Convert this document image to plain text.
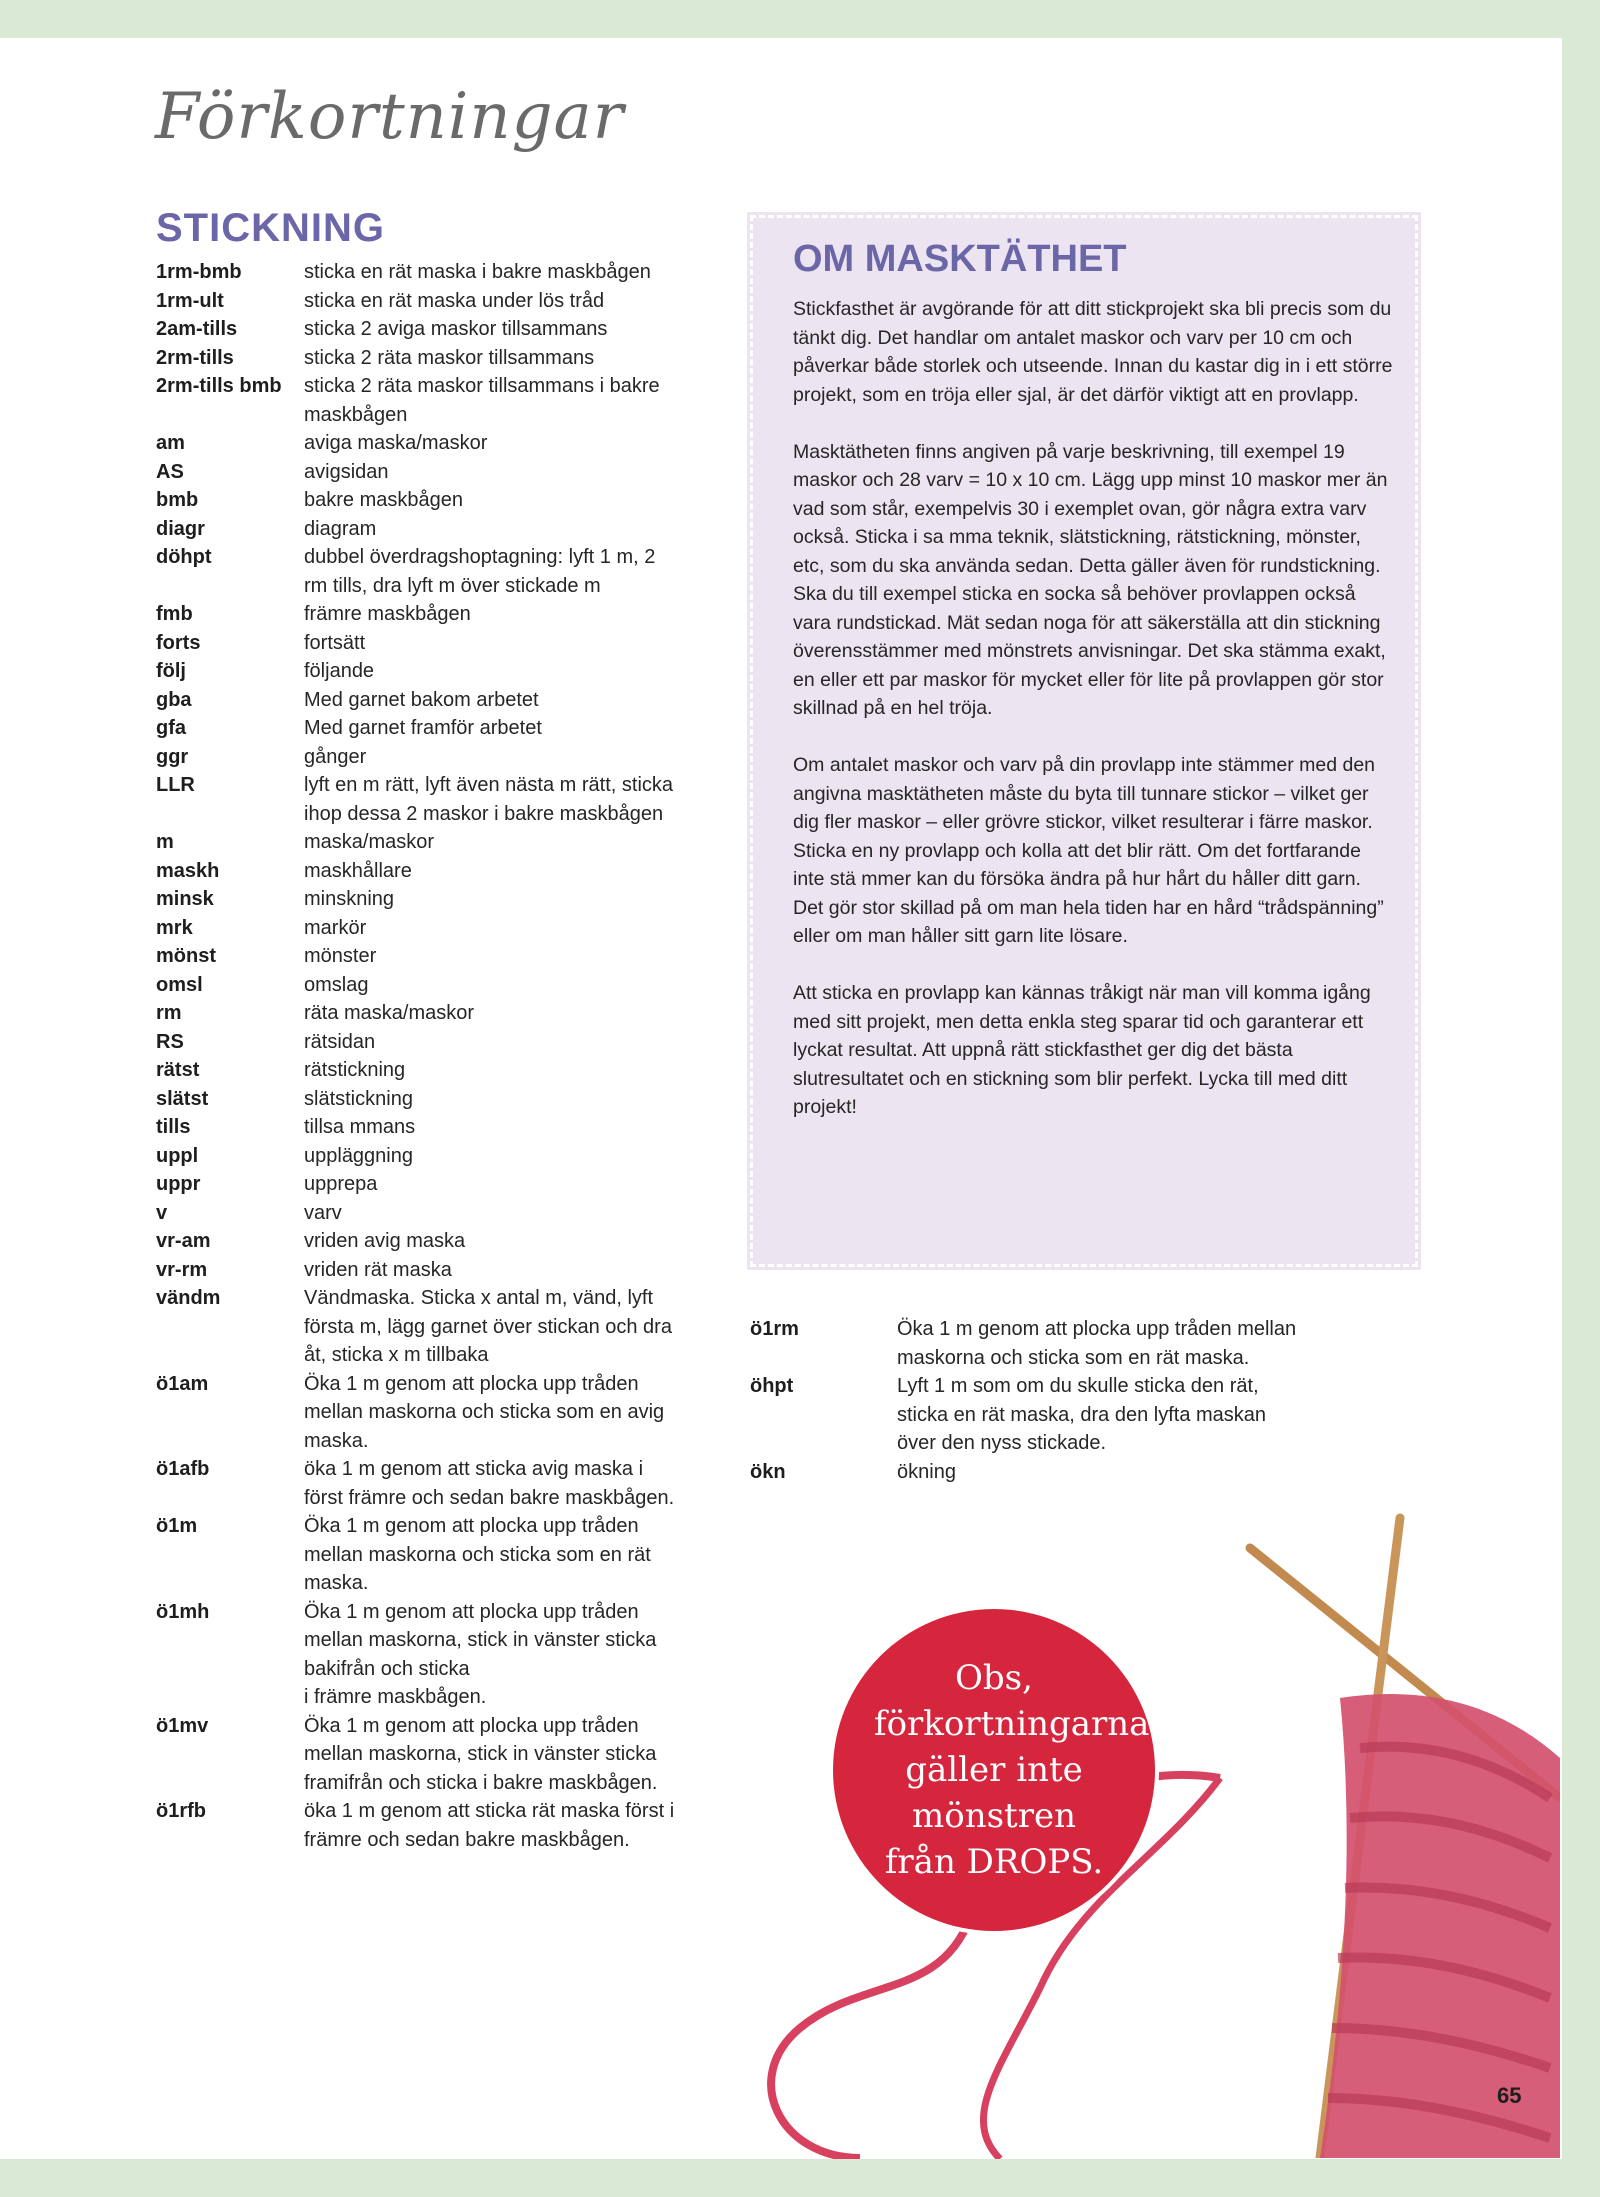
Förkortningar
STICKNING
1rm-bmb	sticka en rät maska i bakre maskbågen
1rm-ult	sticka en rät maska under lös tråd
2am-tills	sticka 2 aviga maskor tillsammans
2rm-tills	sticka 2 räta maskor tillsammans
2rm-tills bmb	sticka 2 räta maskor tillsammans i bakre maskbågen
am	aviga maska/maskor
AS	avigsidan
bmb	bakre maskbågen
diagr	diagram
döhpt	dubbel överdragshoptagning: lyft 1 m, 2 rm tills, dra lyft m över stickade m
fmb	främre maskbågen
forts	fortsätt
följ	följande
gba	Med garnet bakom arbetet
gfa	Med garnet framför arbetet
ggr	gånger
LLR	lyft en m rätt, lyft även nästa m rätt, sticka ihop dessa 2 maskor i bakre maskbågen
m	maska/maskor
maskh	maskhållare
minsk	minskning
mrk	markör
mönst	mönster
omsl	omslag
rm	räta maska/maskor
RS	rätsidan
rätst	rätstickning
slätst	slätstickning
tills	tillsa mmans
uppl	uppläggning
uppr	upprepa
v	varv
vr-am	vriden avig maska
vr-rm	vriden rät maska
vändm	Vändmaska. Sticka x antal m, vänd, lyft första m, lägg garnet över stickan och dra åt, sticka x m tillbaka
ö1am	Öka 1 m genom att plocka upp tråden mellan maskorna och sticka som en avig maska.
ö1afb	öka 1 m genom att sticka avig maska i först främre och sedan bakre maskbågen.
ö1m	Öka 1 m genom att plocka upp tråden mellan maskorna och sticka som en rät maska.
ö1mh	Öka 1 m genom att plocka upp tråden mellan maskorna, stick in vänster sticka bakifrån och sticka
i främre maskbågen.
ö1mv	Öka 1 m genom att plocka upp tråden mellan maskorna, stick in vänster sticka framifrån och sticka i bakre maskbågen.
ö1rfb	öka 1 m genom att sticka rät maska först i främre och sedan bakre maskbågen.
OM MASKTÄTHET

Stickfasthet är avgörande för att ditt stickprojekt ska bli precis som du tänkt dig. Det handlar om antalet maskor och varv per 10 cm och påverkar både storlek och utseende. Innan du kastar dig in i ett större projekt, som en tröja eller sjal, är det därför viktigt att en provlapp.

Masktätheten finns angiven på varje beskrivning, till exempel 19 maskor och 28 varv = 10 x 10 cm. Lägg upp minst 10 maskor mer än vad som står, exempelvis 30 i exemplet ovan, gör några extra varv också. Sticka i sa mma teknik, slätstickning, rätstickning, mönster, etc, som du ska använda sedan. Detta gäller även för rundstickning. Ska du till exempel sticka en socka så behöver provlappen också vara rundstickad. Mät sedan noga för att säkerställa att din stickning överensstämmer med mönstrets anvisningar. Det ska stämma exakt, en eller ett par maskor för mycket eller för lite på provlappen gör stor skillnad på en hel tröja.

Om antalet maskor och varv på din provlapp inte stämmer med den angivna masktätheten måste du byta till tunnare stickor – vilket ger dig fler maskor – eller grövre stickor, vilket resulterar i färre maskor. Sticka en ny provlapp och kolla att det blir rätt. Om det fortfarande inte stä mmer kan du försöka ändra på hur hårt du håller ditt garn. Det gör stor skillad på om man hela tiden har en hård “trådspänning” eller om man håller sitt garn lite lösare.

Att sticka en provlapp kan kännas tråkigt när man vill komma igång med sitt projekt, men detta enkla steg sparar tid och garanterar ett lyckat resultat. Att uppnå rätt stickfasthet ger dig det bästa slutresultatet och en stickning som blir perfekt. Lycka till med ditt projekt!

ö1rm	Öka 1 m genom att plocka upp tråden mellan maskorna och sticka som en rät maska.
öhpt	Lyft 1 m som om du skulle sticka den rät, sticka en rät maska, dra den lyfta maskan över den nyss stickade.
ökn	ökning
Obs, förkortningarna gäller inte mönstren från DROPS.
65
